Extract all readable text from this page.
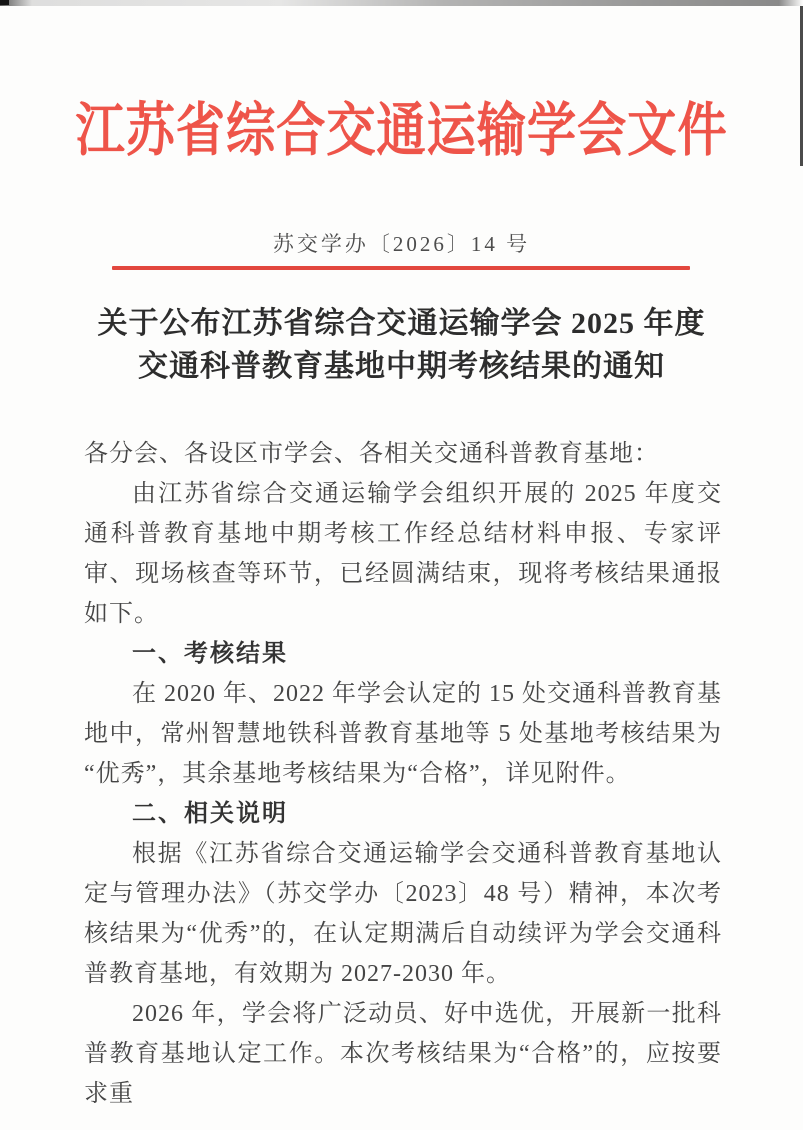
江苏省综合交通运输学会文件
苏交学办〔2026〕14 号
关于公布江苏省综合交通运输学会 2025 年度
交通科普教育基地中期考核结果的通知
各分会、各设区市学会、各相关交通科普教育基地：
由江苏省综合交通运输学会组织开展的 2025 年度交通科普教育基地中期考核工作经总结材料申报、专家评审、现场核查等环节，已经圆满结束，现将考核结果通报如下。
一、考核结果
在 2020 年、2022 年学会认定的 15 处交通科普教育基地中，常州智慧地铁科普教育基地等 5 处基地考核结果为“优秀”，其余基地考核结果为“合格”，详见附件。
二、相关说明
根据《江苏省综合交通运输学会交通科普教育基地认定与管理办法》（苏交学办〔2023〕48 号）精神，本次考核结果为“优秀”的，在认定期满后自动续评为学会交通科普教育基地，有效期为 2027-2030 年。
2026 年，学会将广泛动员、好中选优，开展新一批科普教育基地认定工作。本次考核结果为“合格”的，应按要求重
